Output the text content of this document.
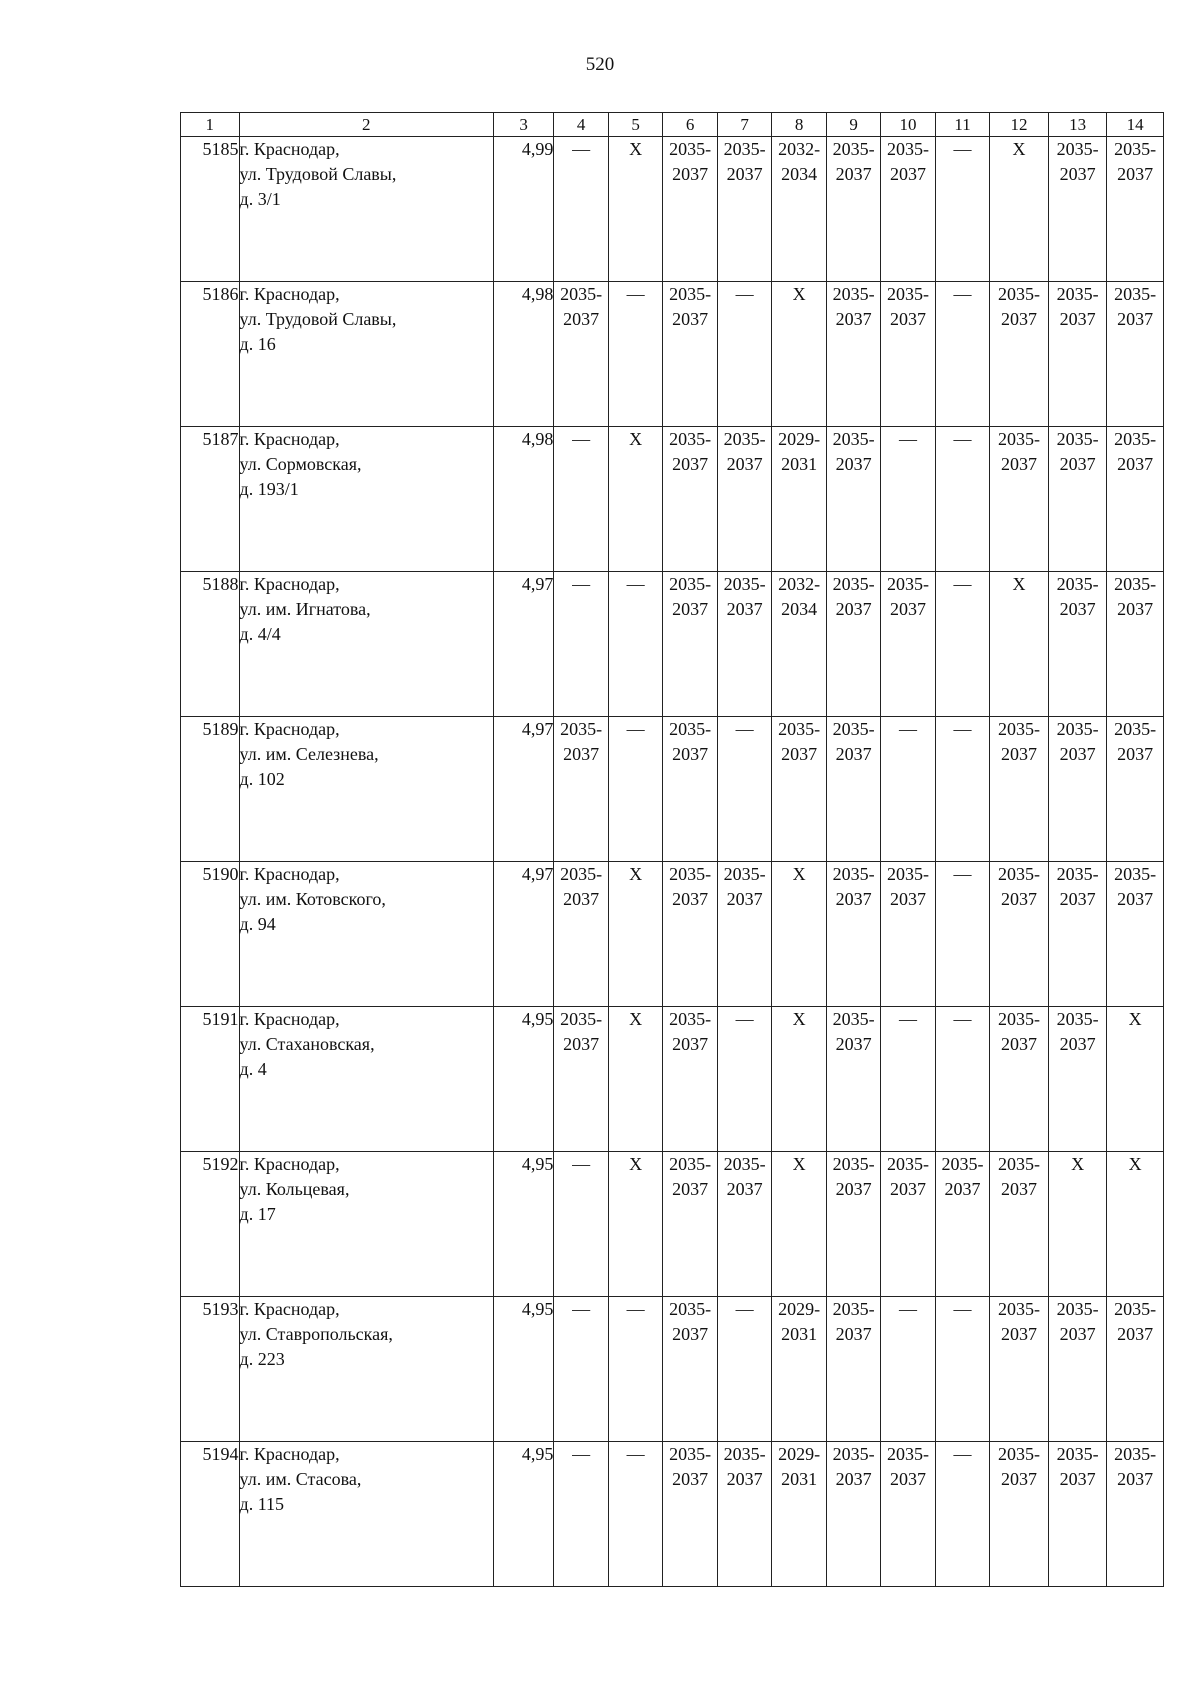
520
1	2	3	4	5	6	7	8	9	10	11	12	13	14
5185	г. Краснодар,
ул. Трудовой Славы,
д. 3/1	4,99	—	X	2035-
2037	2035-
2037	2032-
2034	2035-
2037	2035-
2037	—	X	2035-
2037	2035-
2037

5186	г. Краснодар,
ул. Трудовой Славы,
д. 16	4,98	2035-
2037	—	2035-
2037	—	X	2035-
2037	2035-
2037	—	2035-
2037	2035-
2037	2035-
2037

5187	г. Краснодар,
ул. Сормовская,
д. 193/1	4,98	—	X	2035-
2037	2035-
2037	2029-
2031	2035-
2037	—	—	2035-
2037	2035-
2037	2035-
2037

5188	г. Краснодар,
ул. им. Игнатова,
д. 4/4	4,97	—	—	2035-
2037	2035-
2037	2032-
2034	2035-
2037	2035-
2037	—	X	2035-
2037	2035-
2037

5189	г. Краснодар,
ул. им. Селезнева,
д. 102	4,97	2035-
2037	—	2035-
2037	—	2035-
2037	2035-
2037	—	—	2035-
2037	2035-
2037	2035-
2037

5190	г. Краснодар,
ул. им. Котовского,
д. 94	4,97	2035-
2037	X	2035-
2037	2035-
2037	X	2035-
2037	2035-
2037	—	2035-
2037	2035-
2037	2035-
2037

5191	г. Краснодар,
ул. Стахановская,
д. 4	4,95	2035-
2037	X	2035-
2037	—	X	2035-
2037	—	—	2035-
2037	2035-
2037	X

5192	г. Краснодар,
ул. Кольцевая,
д. 17	4,95	—	X	2035-
2037	2035-
2037	X	2035-
2037	2035-
2037	2035-
2037	2035-
2037	X	X

5193	г. Краснодар,
ул. Ставропольская,
д. 223	4,95	—	—	2035-
2037	—	2029-
2031	2035-
2037	—	—	2035-
2037	2035-
2037	2035-
2037

5194	г. Краснодар,
ул. им. Стасова,
д. 115	4,95	—	—	2035-
2037	2035-
2037	2029-
2031	2035-
2037	2035-
2037	—	2035-
2037	2035-
2037	2035-
2037
